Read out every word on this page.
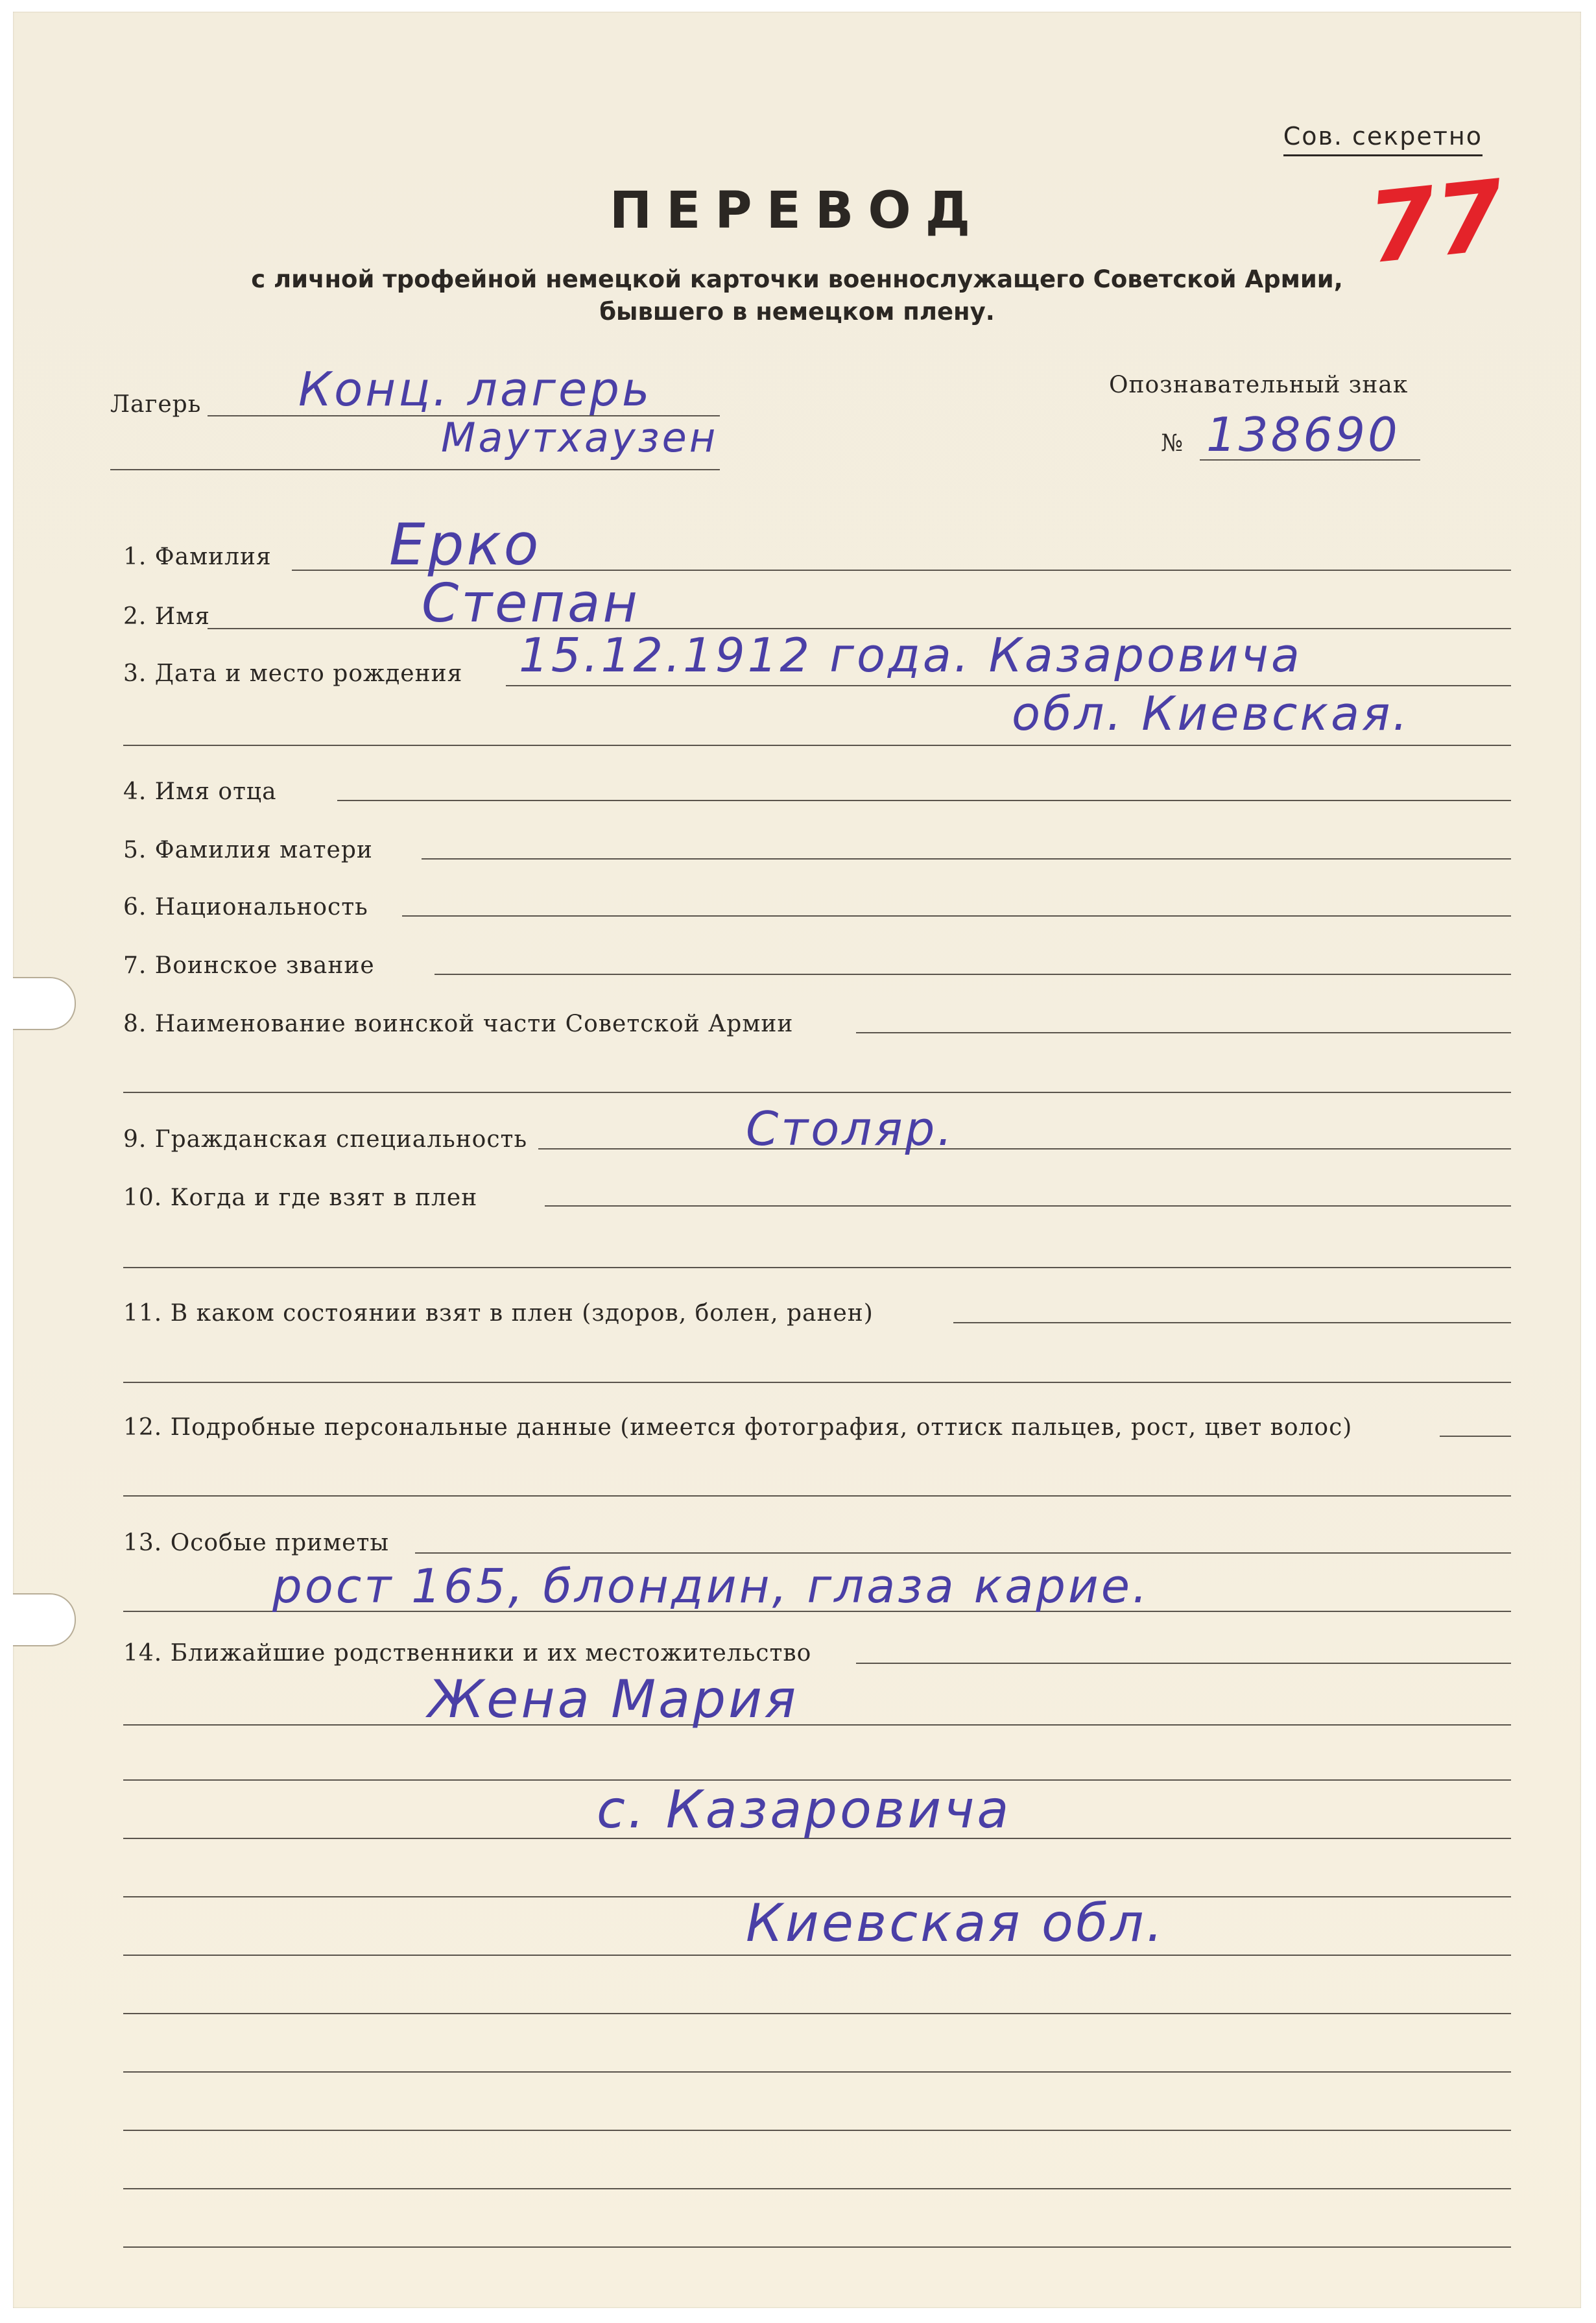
Сов. секретно
77
ПЕРЕВОД
с личной трофейной немецкой карточки военнослужащего Советской Армии,
бывшего в немецком плену.
Лагерь Конц. лагерь
Маутхаузен
Опознавательный знак
№ 138690
1. Фамилия Ерко
2. Имя	Степан
3. Дата и место рождения 15.12.1912 года. Казаровича
обл. Киевская.
4. Имя отца
5. Фамилия матери
6. Национальность
7. Воинское звание
8. Наименование воинской части Советской Армии
9. Гражданская специальность	Столяр.
10. Когда и где взят в плен
11. В каком состоянии взят в плен (здоров, болен, ранен)
12. Подробные персональные данные (имеется фотография, оттиск пальцев, рост, цвет волос)
13. Особые приметы
рост 165, блондин, глаза карие.
14. Ближайшие родственники и их местожительство
Жена Мария
с. Казаровича
Киевская обл.
